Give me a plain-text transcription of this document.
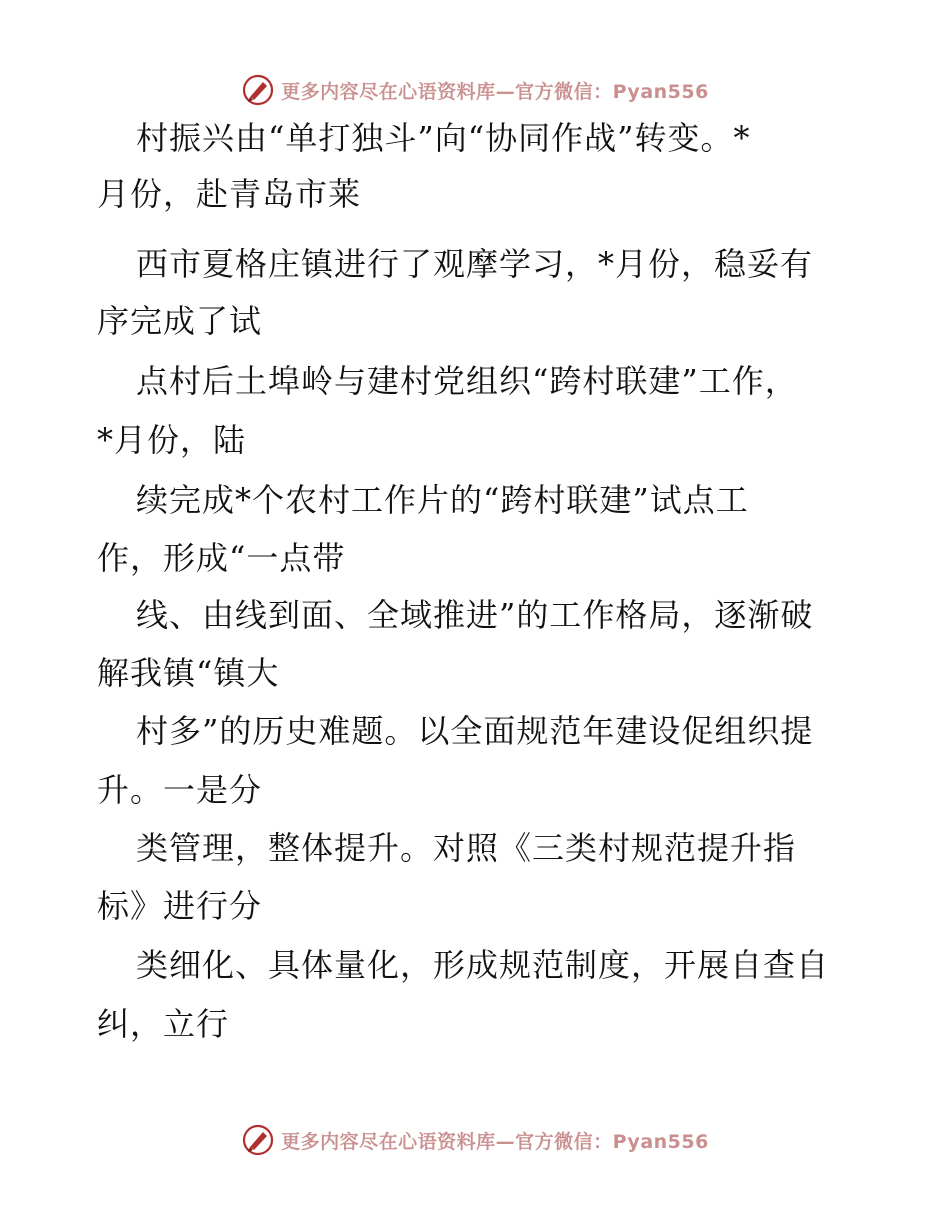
更多内容尽在心语资料库—官方微信：Pyan556
村振兴由“单打独斗”向“协同作战”转变。*
月份，赴青岛市莱
西市夏格庄镇进行了观摩学习，*月份，稳妥有
序完成了试
点村后土埠岭与建村党组织“跨村联建”工作，
*月份，陆
续完成*个农村工作片的“跨村联建”试点工
作，形成“一点带
线、由线到面、全域推进”的工作格局，逐渐破
解我镇“镇大
村多”的历史难题。以全面规范年建设促组织提
升。一是分
类管理，整体提升。对照《三类村规范提升指
标》进行分
类细化、具体量化，形成规范制度，开展自查自
纠，立行
更多内容尽在心语资料库—官方微信：Pyan556
